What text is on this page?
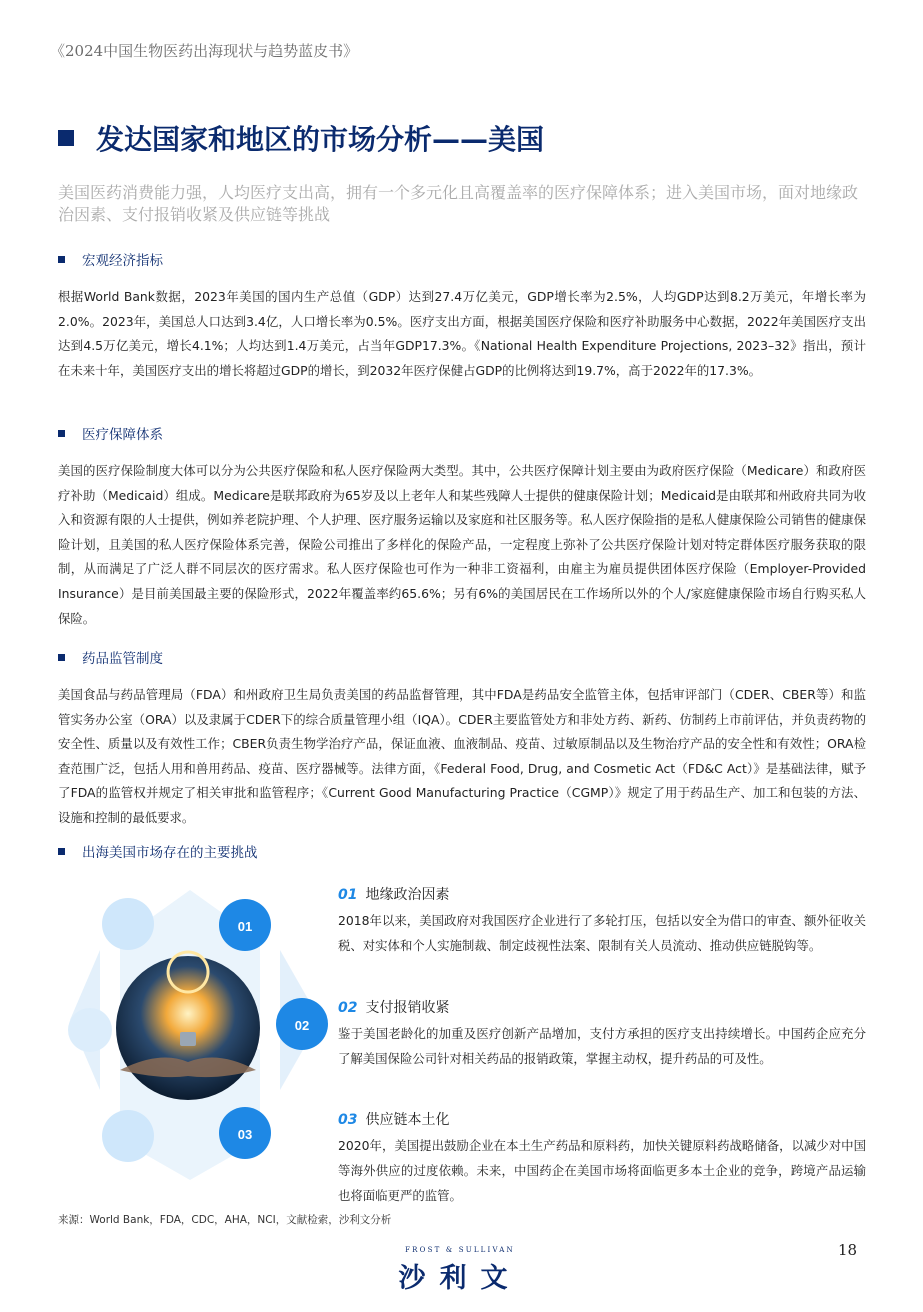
《2024中国生物医药出海现状与趋势蓝皮书》
发达国家和地区的市场分析——美国
美国医药消费能力强，人均医疗支出高，拥有一个多元化且高覆盖率的医疗保障体系；进入美国市场，面对地缘政治因素、支付报销收紧及供应链等挑战
宏观经济指标
根据World Bank数据，2023年美国的国内生产总值（GDP）达到27.4万亿美元，GDP增长率为2.5%，人均GDP达到8.2万美元，年增长率为2.0%。2023年，美国总人口达到3.4亿，人口增长率为0.5%。医疗支出方面，根据美国医疗保险和医疗补助服务中心数据，2022年美国医疗支出达到4.5万亿美元，增长4.1%；人均达到1.4万美元，占当年GDP17.3%。《National Health Expenditure Projections, 2023–32》指出，预计在未来十年，美国医疗支出的增长将超过GDP的增长，到2032年医疗保健占GDP的比例将达到19.7%，高于2022年的17.3%。
医疗保障体系
美国的医疗保险制度大体可以分为公共医疗保险和私人医疗保险两大类型。其中，公共医疗保障计划主要由为政府医疗保险（Medicare）和政府医疗补助（Medicaid）组成。Medicare是联邦政府为65岁及以上老年人和某些残障人士提供的健康保险计划；Medicaid是由联邦和州政府共同为收入和资源有限的人士提供，例如养老院护理、个人护理、医疗服务运输以及家庭和社区服务等。私人医疗保险指的是私人健康保险公司销售的健康保险计划，且美国的私人医疗保险体系完善，保险公司推出了多样化的保险产品，一定程度上弥补了公共医疗保险计划对特定群体医疗服务获取的限制，从而满足了广泛人群不同层次的医疗需求。私人医疗保险也可作为一种非工资福利，由雇主为雇员提供团体医疗保险（Employer-Provided Insurance）是目前美国最主要的保险形式，2022年覆盖率约65.6%；另有6%的美国居民在工作场所以外的个人/家庭健康保险市场自行购买私人保险。
药品监管制度
美国食品与药品管理局（FDA）和州政府卫生局负责美国的药品监督管理，其中FDA是药品安全监管主体，包括审评部门（CDER、CBER等）和监管实务办公室（ORA）以及隶属于CDER下的综合质量管理小组（IQA）。CDER主要监管处方和非处方药、新药、仿制药上市前评估，并负责药物的安全性、质量以及有效性工作；CBER负责生物学治疗产品，保证血液、血液制品、疫苗、过敏原制品以及生物治疗产品的安全性和有效性；ORA检查范围广泛，包括人用和兽用药品、疫苗、医疗器械等。法律方面，《Federal Food, Drug, and Cosmetic Act（FD&C Act）》是基础法律，赋予了FDA的监管权并规定了相关审批和监管程序；《Current Good Manufacturing Practice（CGMP）》规定了用于药品生产、加工和包装的方法、设施和控制的最低要求。
出海美国市场存在的主要挑战
01
02
03
01 地缘政治因素
2018年以来，美国政府对我国医疗企业进行了多轮打压，包括以安全为借口的审查、额外征收关税、对实体和个人实施制裁、制定歧视性法案、限制有关人员流动、推动供应链脱钩等。
02 支付报销收紧
鉴于美国老龄化的加重及医疗创新产品增加，支付方承担的医疗支出持续增长。中国药企应充分了解美国保险公司针对相关药品的报销政策，掌握主动权，提升药品的可及性。
03 供应链本土化
2020年，美国提出鼓励企业在本土生产药品和原料药，加快关键原料药战略储备，以减少对中国等海外供应的过度依赖。未来，中国药企在美国市场将面临更多本土企业的竞争，跨境产品运输也将面临更严的监管。
来源：World Bank，FDA，CDC，AHA，NCI，文献检索，沙利文分析
FROST & SULLIVAN
沙利文
18
